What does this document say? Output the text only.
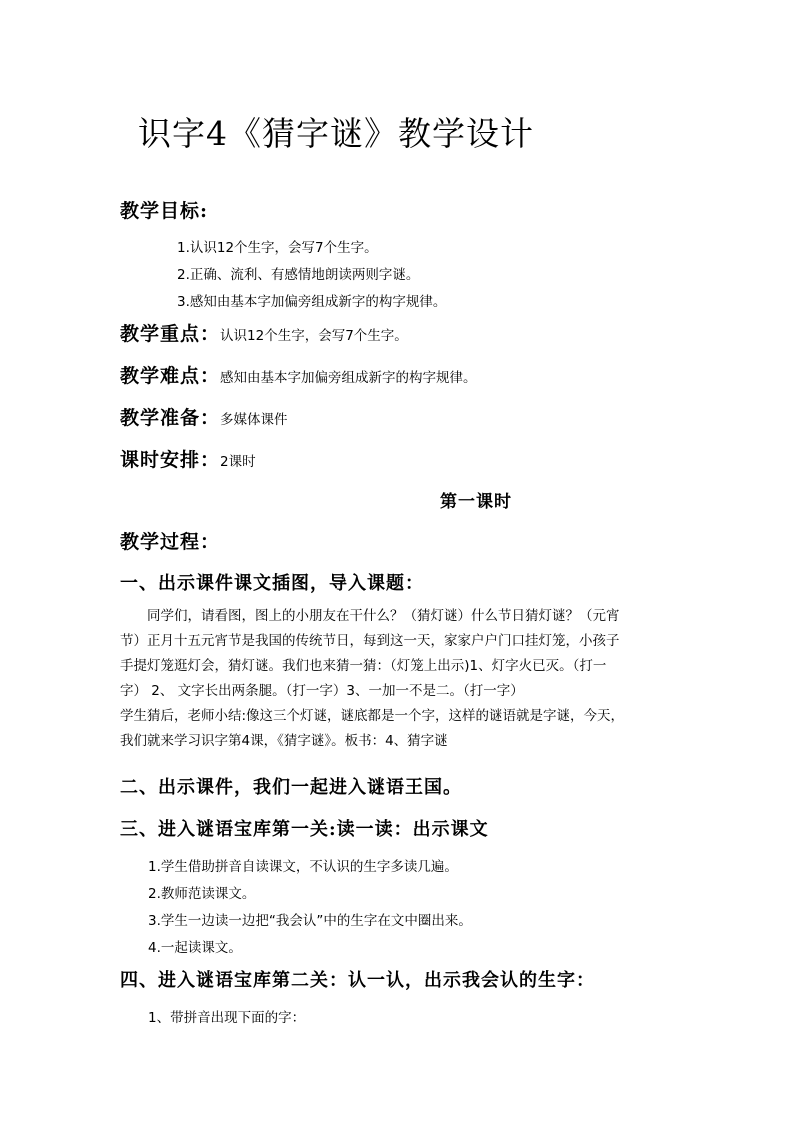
识字4《猜字谜》教学设计
教学目标:
1.认识12个生字，会写7个生字。
2.正确、流利、有感情地朗读两则字谜。
3.感知由基本字加偏旁组成新字的构字规律。
教学重点：认识12个生字，会写7个生字。
教学难点：感知由基本字加偏旁组成新字的构字规律。
教学准备：多媒体课件
课时安排：2课时
第一课时
教学过程：
一、出示课件课文插图，导入课题：
　　同学们，请看图，图上的小朋友在干什么？（猜灯谜）什么节日猜灯谜？（元宵
节）正月十五元宵节是我国的传统节日，每到这一天，家家户户门口挂灯笼，小孩子
手提灯笼逛灯会，猜灯谜。我们也来猜一猜：（灯笼上出示)1、灯字火已灭。（打一
字） 2、 文字长出两条腿。（打一字）3、一加一不是二。（打一字）
学生猜后，老师小结:像这三个灯谜，谜底都是一个字，这样的谜语就是字谜，今天，
我们就来学习识字第4课，《猜字谜》。板书：4、猜字谜
二、出示课件，我们一起进入谜语王国。
三、进入谜语宝库第一关:读一读：出示课文
1.学生借助拼音自读课文，不认识的生字多读几遍。
2.教师范读课文。
3.学生一边读一边把“我会认”中的生字在文中圈出来。
4.一起读课文。
四、进入谜语宝库第二关：认一认，出示我会认的生字：
1、带拼音出现下面的字：
